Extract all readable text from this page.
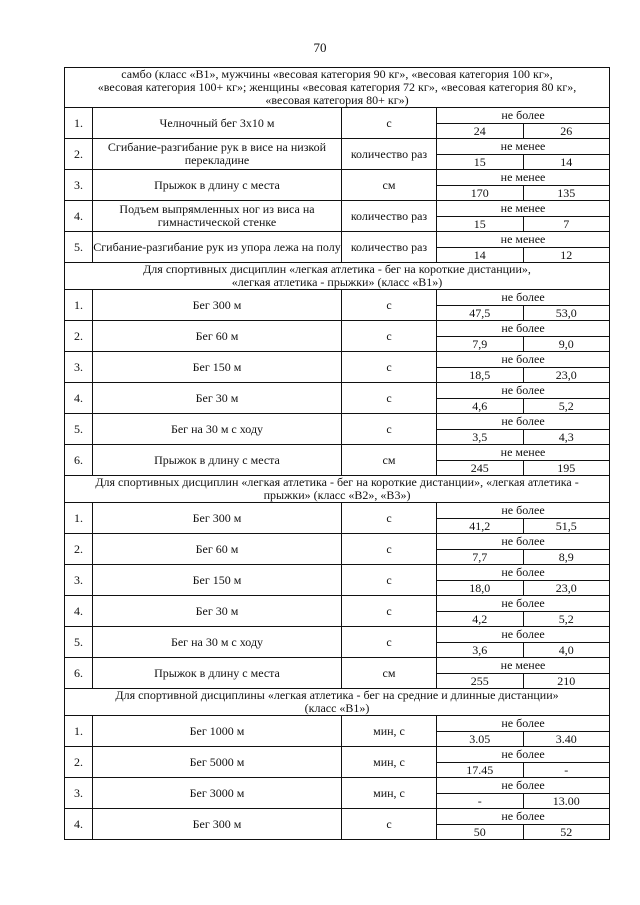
70
самбо (класс «В1», мужчины «весовая категория 90 кг», «весовая категория 100 кг»,
«весовая категория 100+ кг»; женщины «весовая категория 72 кг», «весовая категория 80 кг»,
«весовая категория 80+ кг»)			

1.	Челночный бег 3х10 м	с	не более
24 26

2.	Сгибание-разгибание рук в висе на низкой перекладине	количество раз	не менее
15 14

3.	Прыжок в длину с места	см	не менее
170 135

4.	Подъем выпрямленных ног из виса на гимнастической стенке	количество раз	не менее
15 7

5.	Сгибание-разгибание рук из упора лежа на полу	количество раз	не менее
14 12

Для спортивных дисциплин «легкая атлетика - бег на короткие дистанции»,
«легкая атлетика - прыжки» (класс «В1»)			

1.	Бег 300 м	с	не более
47,5 53,0

2.	Бег 60 м	с	не более
7,9 9,0

3.	Бег 150 м	с	не более
18,5 23,0

4.	Бег 30 м	с	не более
4,6 5,2

5.	Бег на 30 м с ходу	с	не более
3,5 4,3

6.	Прыжок в длину с места	см	не менее
245 195

Для спортивных дисциплин «легкая атлетика - бег на короткие дистанции», «легкая атлетика -
прыжки» (класс «В2», «В3»)			

1.	Бег 300 м	с	не более
41,2 51,5

2.	Бег 60 м	с	не более
7,7 8,9

3.	Бег 150 м	с	не более
18,0 23,0

4.	Бег 30 м	с	не более
4,2 5,2

5.	Бег на 30 м с ходу	с	не более
3,6 4,0

6.	Прыжок в длину с места	см	не менее
255 210

Для спортивной дисциплины «легкая атлетика - бег на средние и длинные дистанции»
(класс «В1»)			

1.	Бег 1000 м	мин, с	не более
3.05 3.40

2.	Бег 5000 м	мин, с	не более
17.45 -

3.	Бег 3000 м	мин, с	не более
- 13.00

4.	Бег 300 м	с	не более
50 52
